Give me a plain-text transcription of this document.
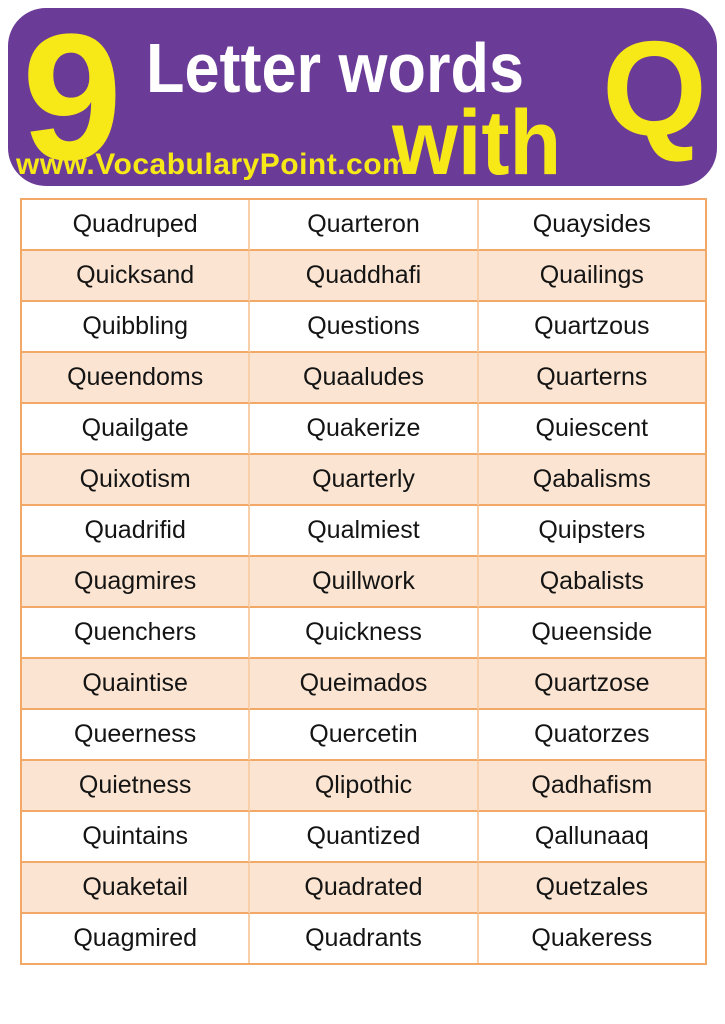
9 Letter words
with Q
www.VocabularyPoint.com
Quadruped	Quarteron	Quaysides
Quicksand	Quaddhafi	Quailings
Quibbling	Questions	Quartzous
Queendoms	Quaaludes	Quarterns
Quailgate	Quakerize	Quiescent
Quixotism	Quarterly	Qabalisms
Quadrifid	Qualmiest	Quipsters
Quagmires	Quillwork	Qabalists
Quenchers	Quickness	Queenside
Quaintise	Queimados	Quartzose
Queerness	Quercetin	Quatorzes
Quietness	Qlipothic	Qadhafism
Quintains	Quantized	Qallunaaq
Quaketail	Quadrated	Quetzales
Quagmired	Quadrants	Quakeress
